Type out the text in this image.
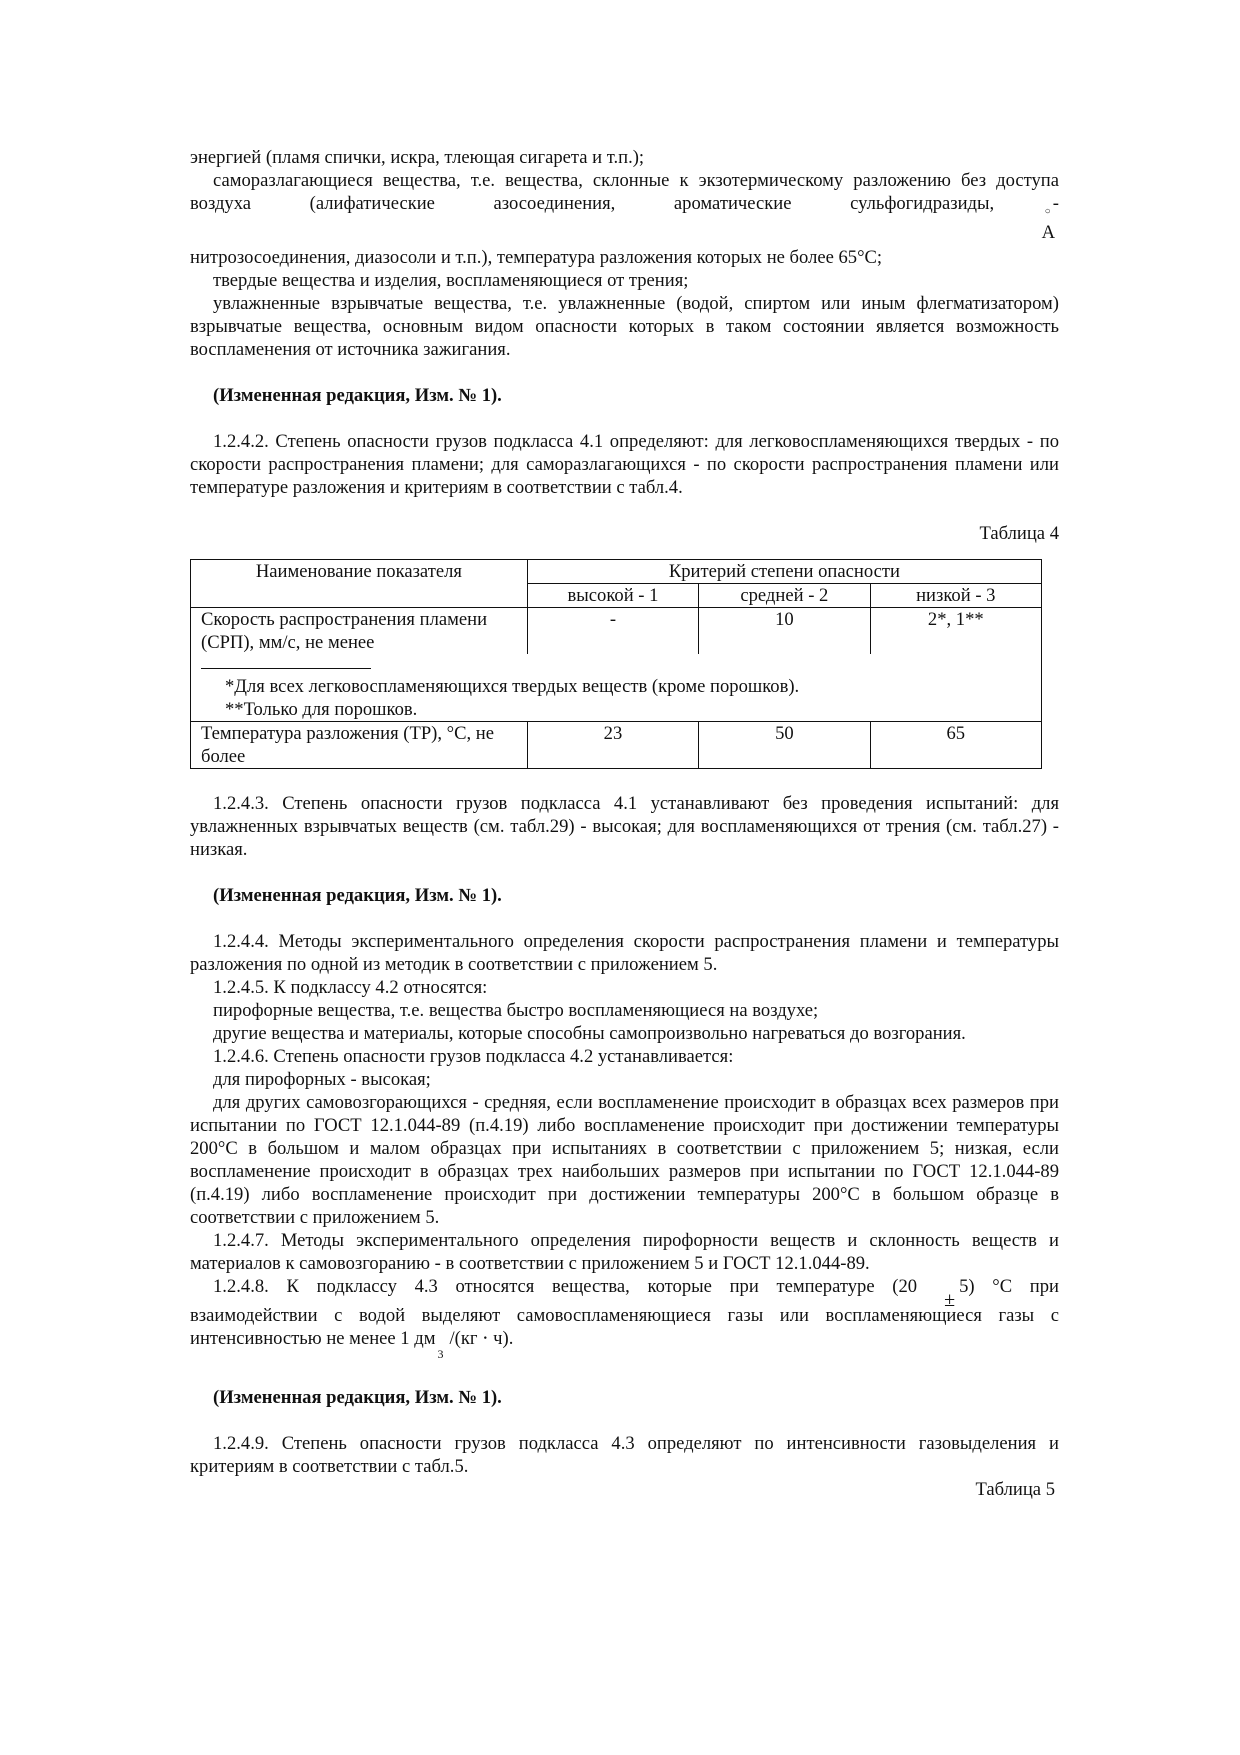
энергией (пламя спички, искра, тлеющая сигарета и т.п.);

саморазлагающиеся вещества, т.е. вещества, склонные к экзотермическому разложению без доступа воздуха (алифатические азосоединения, ароматические сульфогидразиды,	-

○
A

нитрозосоединения, диазосоли и т.п.), температура разложения которых не более 65°С;

твердые вещества и изделия, воспламеняющиеся от трения;

увлажненные взрывчатые вещества, т.е. увлажненные (водой, спиртом или иным флегматизатором) взрывчатые вещества, основным видом опасности которых в таком состоянии является возможность воспламенения от источника зажигания.

(Измененная редакция, Изм. № 1).

1.2.4.2. Степень опасности грузов подкласса 4.1 определяют: для легковоспламеняющихся твердых - по скорости распространения пламени; для саморазлагающихся - по скорости распространения пламени или температуре разложения и критериям в соответствии с табл.4.

Таблица 4

Наименование показателя	Критерий степени опасности		
	высокой - 1	средней - 2	низкой - 3
Скорость распространения пламени (СРП), мм/с, не менее	-	10	2*, 1**

*Для всех легковоспламеняющихся твердых веществ (кроме порошков).
**Только для порошков.			

Температура разложения (ТР), °С, не более	23	50	65

1.2.4.3. Степень опасности грузов подкласса 4.1 устанавливают без проведения испытаний: для увлажненных взрывчатых веществ (см. табл.29) - высокая; для воспламеняющихся от трения (см. табл.27) - низкая.

(Измененная редакция, Изм. № 1).

1.2.4.4. Методы экспериментального определения скорости распространения пламени и температуры разложения по одной из методик в соответствии с приложением 5.

1.2.4.5. К подклассу 4.2 относятся:

пирофорные вещества, т.е. вещества быстро воспламеняющиеся на воздухе;

другие вещества и материалы, которые способны самопроизвольно нагреваться до возгорания.

1.2.4.6. Степень опасности грузов подкласса 4.2 устанавливается:

для пирофорных - высокая;

для других самовозгорающихся - средняя, если воспламенение происходит в образцах всех размеров при испытании по ГОСТ 12.1.044-89 (п.4.19) либо воспламенение происходит при достижении температуры 200°С в большом и малом образцах при испытаниях в соответствии с приложением 5; низкая, если воспламенение происходит в образцах трех наибольших размеров при испытании по ГОСТ 12.1.044-89 (п.4.19) либо воспламенение происходит при достижении температуры 200°С в большом образце в соответствии с приложением 5.

1.2.4.7. Методы экспериментального определения пирофорности веществ и склонность веществ и материалов к самовозгоранию - в соответствии с приложением 5 и ГОСТ 12.1.044-89.

1.2.4.8. К подклассу 4.3 относятся вещества, которые при температуре (20±5) °С при

взаимодействии с водой выделяют самовоспламеняющиеся газы или воспламеняющиеся газы с интенсивностью не менее 1 $дм_3/(кг \cdot ч)$.

(Измененная редакция, Изм. № 1).

1.2.4.9. Степень опасности грузов подкласса 4.3 определяют по интенсивности газовыделения и критериям в соответствии с табл.5.

Таблица 5
